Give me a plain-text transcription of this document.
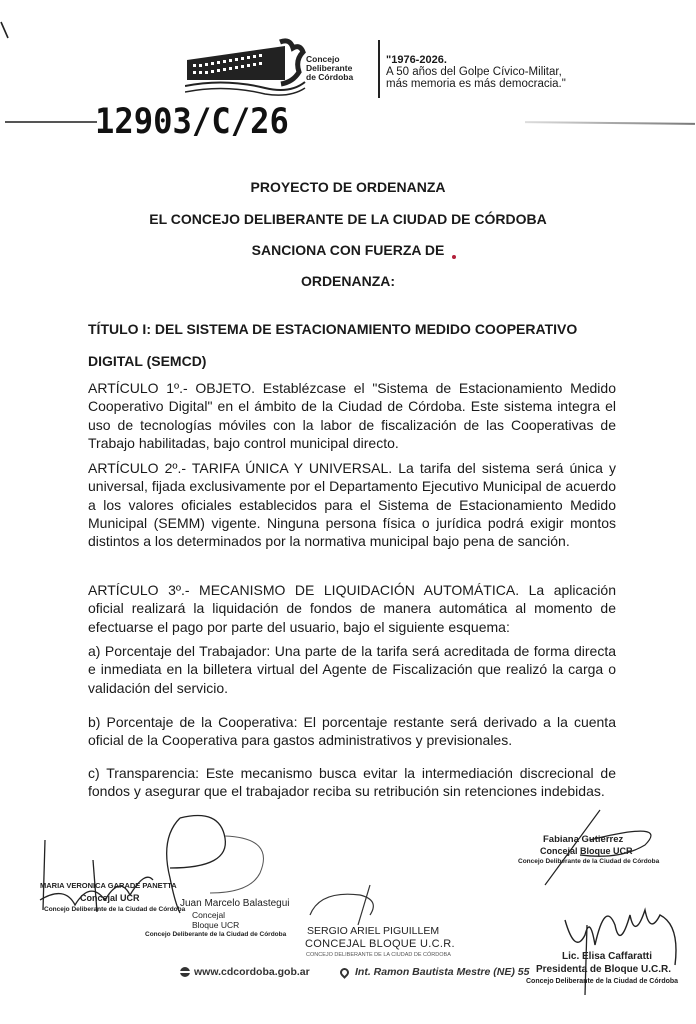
Concejo
Deliberante
de Córdoba
"1976-2026.
A 50 años del Golpe Cívico-Militar,
más memoria es más democracia."
12903/C/26
PROYECTO DE ORDENANZA
EL CONCEJO DELIBERANTE DE LA CIUDAD DE CÓRDOBA
SANCIONA CON FUERZA DE
ORDENANZA:
TÍTULO I: DEL SISTEMA DE ESTACIONAMIENTO MEDIDO COOPERATIVO
DIGITAL (SEMCD)
ARTÍCULO 1º.- OBJETO. Establézcase el "Sistema de Estacionamiento Medido Cooperativo Digital" en el ámbito de la Ciudad de Córdoba. Este sistema integra el uso de tecnologías móviles con la labor de fiscalización de las Cooperativas de Trabajo habilitadas, bajo control municipal directo.
ARTÍCULO 2º.- TARIFA ÚNICA Y UNIVERSAL. La tarifa del sistema será única y universal, fijada exclusivamente por el Departamento Ejecutivo Municipal de acuerdo a los valores oficiales establecidos para el Sistema de Estacionamiento Medido Municipal (SEMM) vigente. Ninguna persona física o jurídica podrá exigir montos distintos a los determinados por la normativa municipal bajo pena de sanción.
ARTÍCULO 3º.- MECANISMO DE LIQUIDACIÓN AUTOMÁTICA. La aplicación oficial realizará la liquidación de fondos de manera automática al momento de efectuarse el pago por parte del usuario, bajo el siguiente esquema:
a) Porcentaje del Trabajador: Una parte de la tarifa será acreditada de forma directa e inmediata en la billetera virtual del Agente de Fiscalización que realizó la carga o validación del servicio.
b) Porcentaje de la Cooperativa: El porcentaje restante será derivado a la cuenta oficial de la Cooperativa para gastos administrativos y previsionales.
c) Transparencia: Este mecanismo busca evitar la intermediación discrecional de fondos y asegurar que el trabajador reciba su retribución sin retenciones indebidas.
MARIA VERONICA GARADE PANETTA
Concejal UCR
Concejo Deliberante de la Ciudad de Córdoba
Juan Marcelo Balastegui
Concejal
Bloque UCR
Concejo Deliberante de la Ciudad de Córdoba SERGIO ARIEL PIGUILLEM
CONCEJAL BLOQUE U.C.R.
CONCEJO DELIBERANTE DE LA CIUDAD DE CÓRDOBA
Fabiana Gutierrez
Concejal Bloque UCR
Concejo Deliberante de la Ciudad de Córdoba
Lic. Elisa Caffaratti
Presidenta de Bloque U.C.R.
Concejo Deliberante de la Ciudad de Córdoba
www.cdcordoba.gob.ar	Int. Ramon Bautista Mestre (NE) 55
